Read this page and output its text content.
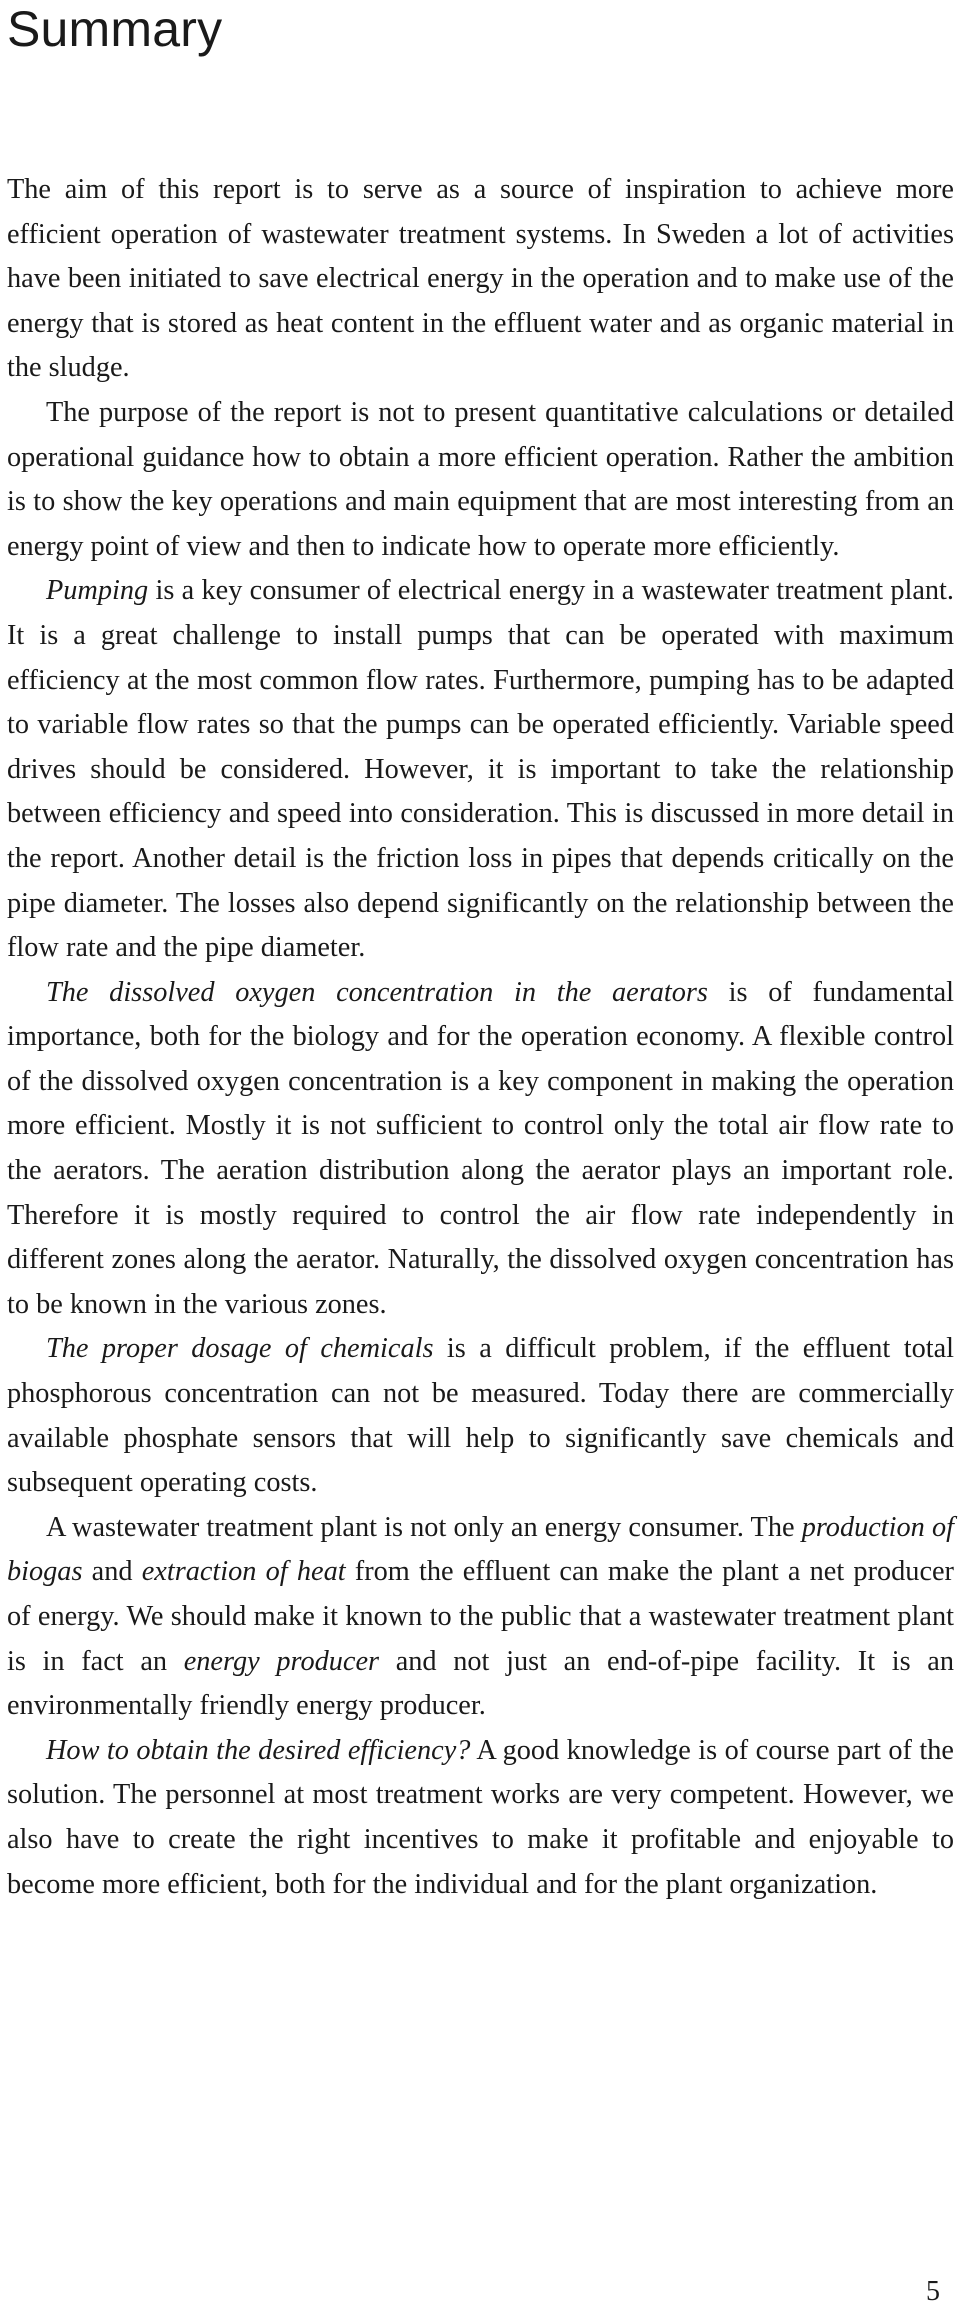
Summary

The aim of this report is to serve as a source of inspiration to achieve more efficient operation of wastewater treatment systems. In Sweden a lot of activities have been initiated to save electrical energy in the operation and to make use of the energy that is stored as heat content in the effluent water and as organic material in the sludge.

The purpose of the report is not to present quantitative calculations or detailed operational guidance how to obtain a more efficient operation. Rather the ambition is to show the key operations and main equipment that are most interesting from an energy point of view and then to indicate how to operate more efficiently.

Pumping is a key consumer of electrical energy in a wastewater treatment plant. It is a great challenge to install pumps that can be operated with maximum efficiency at the most common flow rates. Furthermore, pumping has to be adapted to variable flow rates so that the pumps can be operated efficiently. Variable speed drives should be considered. However, it is important to take the relationship between efficiency and speed into consideration. This is discussed in more detail in the report. Another detail is the friction loss in pipes that depends critically on the pipe diameter. The losses also depend significantly on the relationship between the flow rate and the pipe diameter.

The dissolved oxygen concentration in the aerators is of fundamental importance, both for the biology and for the operation economy. A flexible control of the dissolved oxygen concentration is a key component in making the operation more efficient. Mostly it is not sufficient to control only the total air flow rate to the aerators. The aeration distribution along the aerator plays an important role. Therefore it is mostly required to control the air flow rate independently in different zones along the aerator. Naturally, the dissolved oxygen concentration has to be known in the various zones.

The proper dosage of chemicals is a difficult problem, if the effluent total phosphorous concentration can not be measured. Today there are commercially available phosphate sensors that will help to significantly save chemicals and subsequent operating costs.

A wastewater treatment plant is not only an energy consumer. The production of biogas and extraction of heat from the effluent can make the plant a net producer of energy. We should make it known to the public that a wastewater treatment plant is in fact an energy producer and not just an end-of-pipe facility. It is an environmentally friendly energy producer.

How to obtain the desired efficiency? A good knowledge is of course part of the solution. The personnel at most treatment works are very competent. However, we also have to create the right incentives to make it profitable and enjoyable to become more efficient, both for the individual and for the plant organization.

5
